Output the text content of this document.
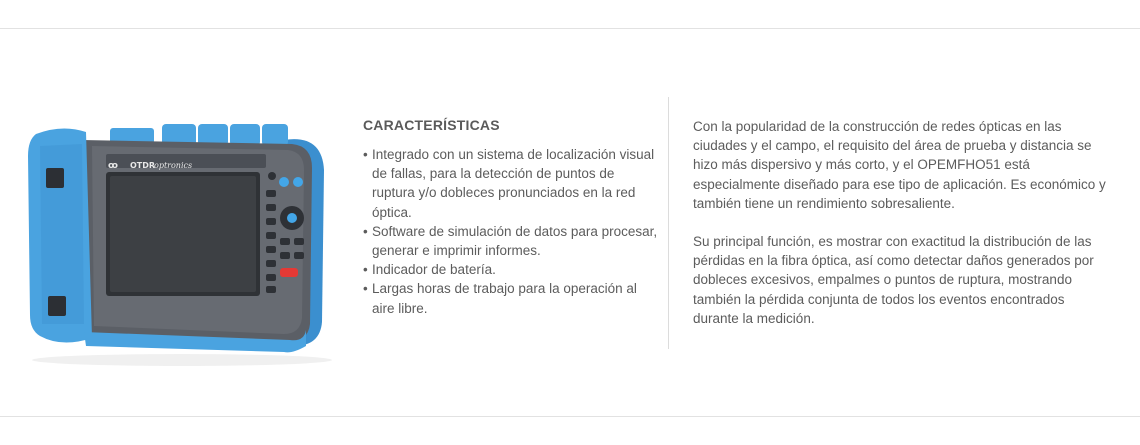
ꝏ OTDR
optronics
CARACTERÍSTICAS
• Integrado con un sistema de localización visual de fallas, para la detección de puntos de ruptura y/o dobleces pronunciados en la red óptica.
• Software de simulación de datos para procesar, generar e imprimir informes.
• Indicador de batería.
• Largas horas de trabajo para la operación al aire libre.

Con la popularidad de la construcción de redes ópticas en las ciudades y el campo, el requisito del área de prueba y distancia se hizo más dispersivo y más corto, y el OPEMFHO51 está especialmente diseñado para ese tipo de aplicación. Es económico y también tiene un rendimiento sobresaliente.

Su principal función, es mostrar con exactitud la distribución de las pérdidas en la fibra óptica, así como detectar daños generados por dobleces excesivos, empalmes o puntos de ruptura, mostrando también la pérdida conjunta de todos los eventos encontrados durante la medición.
